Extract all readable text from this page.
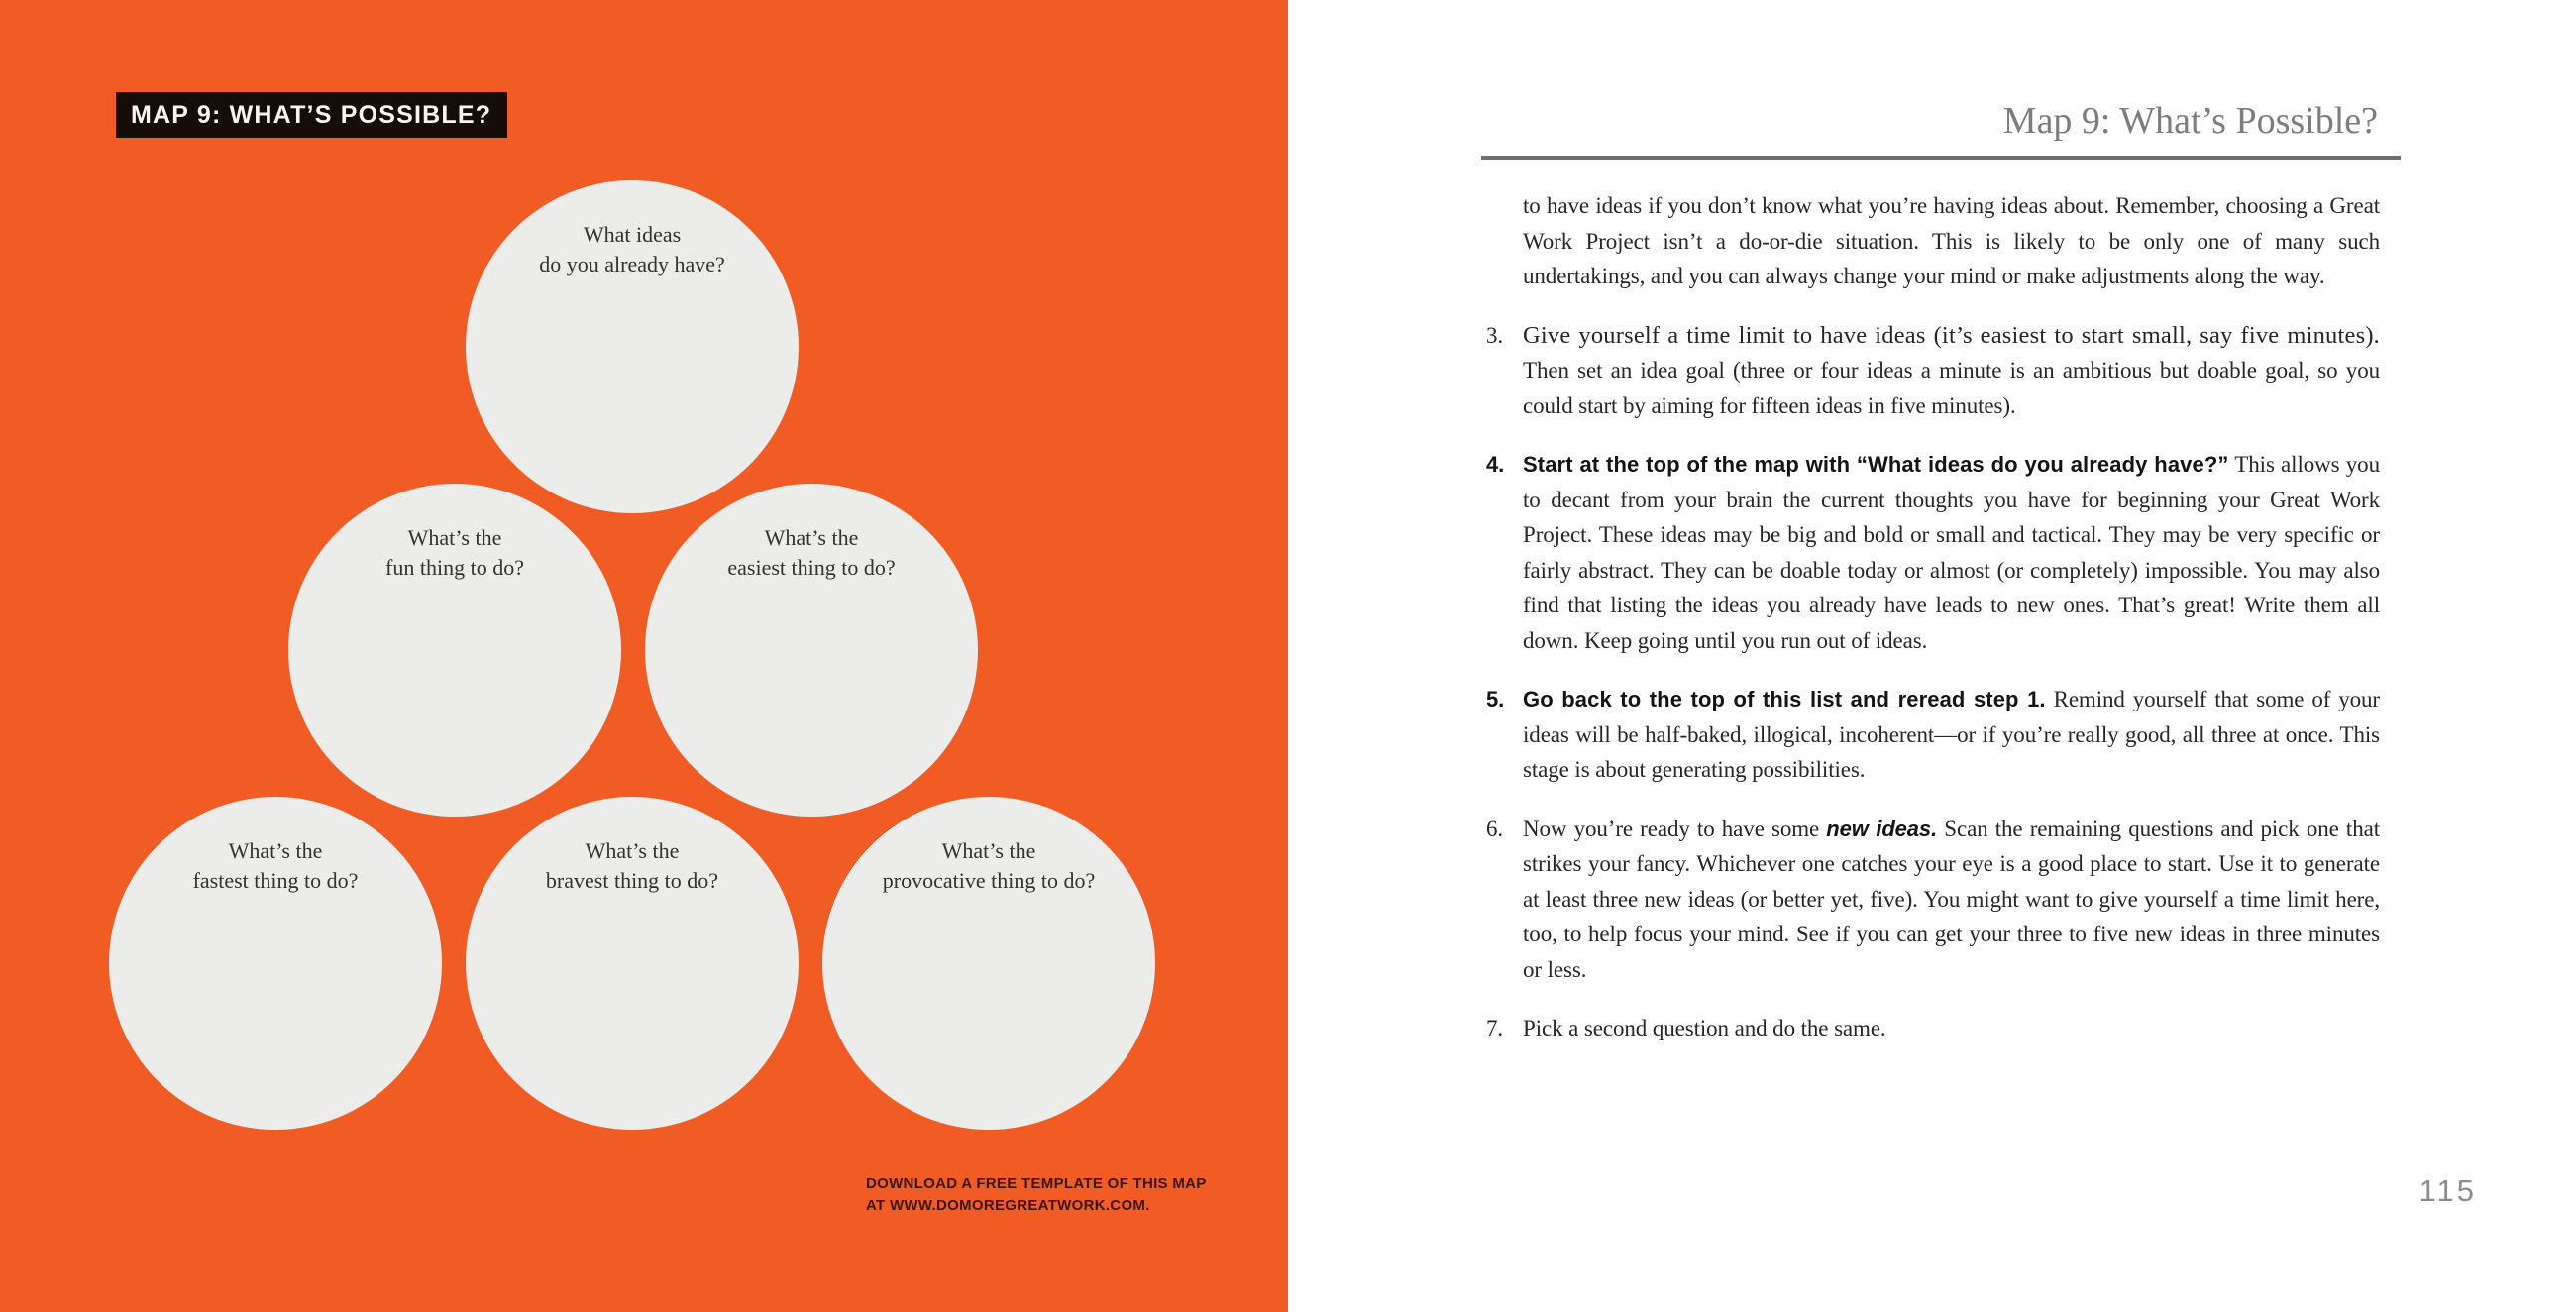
MAP 9: WHAT’S POSSIBLE?
What ideas
do you already have?
What’s the
fun thing to do?
What’s the
easiest thing to do?
What’s the
fastest thing to do?
What’s the
bravest thing to do?
What’s the
provocative thing to do?
DOWNLOAD A FREE TEMPLATE OF THIS MAP
AT WWW.DOMOREGREATWORK.COM.
Map 9: What’s Possible?

to have ideas if you don’t know what you’re having ideas about. Remember, choosing a Great Work Project isn’t a do-or-die situation. This is likely to be only one of many such undertakings, and you can always change your mind or make adjustments along the way.

3. Give yourself a time limit to have ideas (it’s easiest to start small, say five minutes). Then set an idea goal (three or four ideas a minute is an ambitious but doable goal, so you could start by aiming for fifteen ideas in five minutes).
4. Start at the top of the map with “What ideas do you already have?” This allows you to decant from your brain the current thoughts you have for beginning your Great Work Project. These ideas may be big and bold or small and tactical. They may be very specific or fairly abstract. They can be doable today or almost (or completely) impossible. You may also find that listing the ideas you already have leads to new ones. That’s great! Write them all down. Keep going until you run out of ideas.
5. Go back to the top of this list and reread step 1. Remind yourself that some of your ideas will be half-baked, illogical, incoherent—or if you’re really good, all three at once. This stage is about generating possibilities.
6. Now you’re ready to have some new ideas. Scan the remaining questions and pick one that strikes your fancy. Whichever one catches your eye is a good place to start. Use it to generate at least three new ideas (or better yet, five). You might want to give yourself a time limit here, too, to help focus your mind. See if you can get your three to five new ideas in three minutes or less.
7. Pick a second question and do the same.
115
